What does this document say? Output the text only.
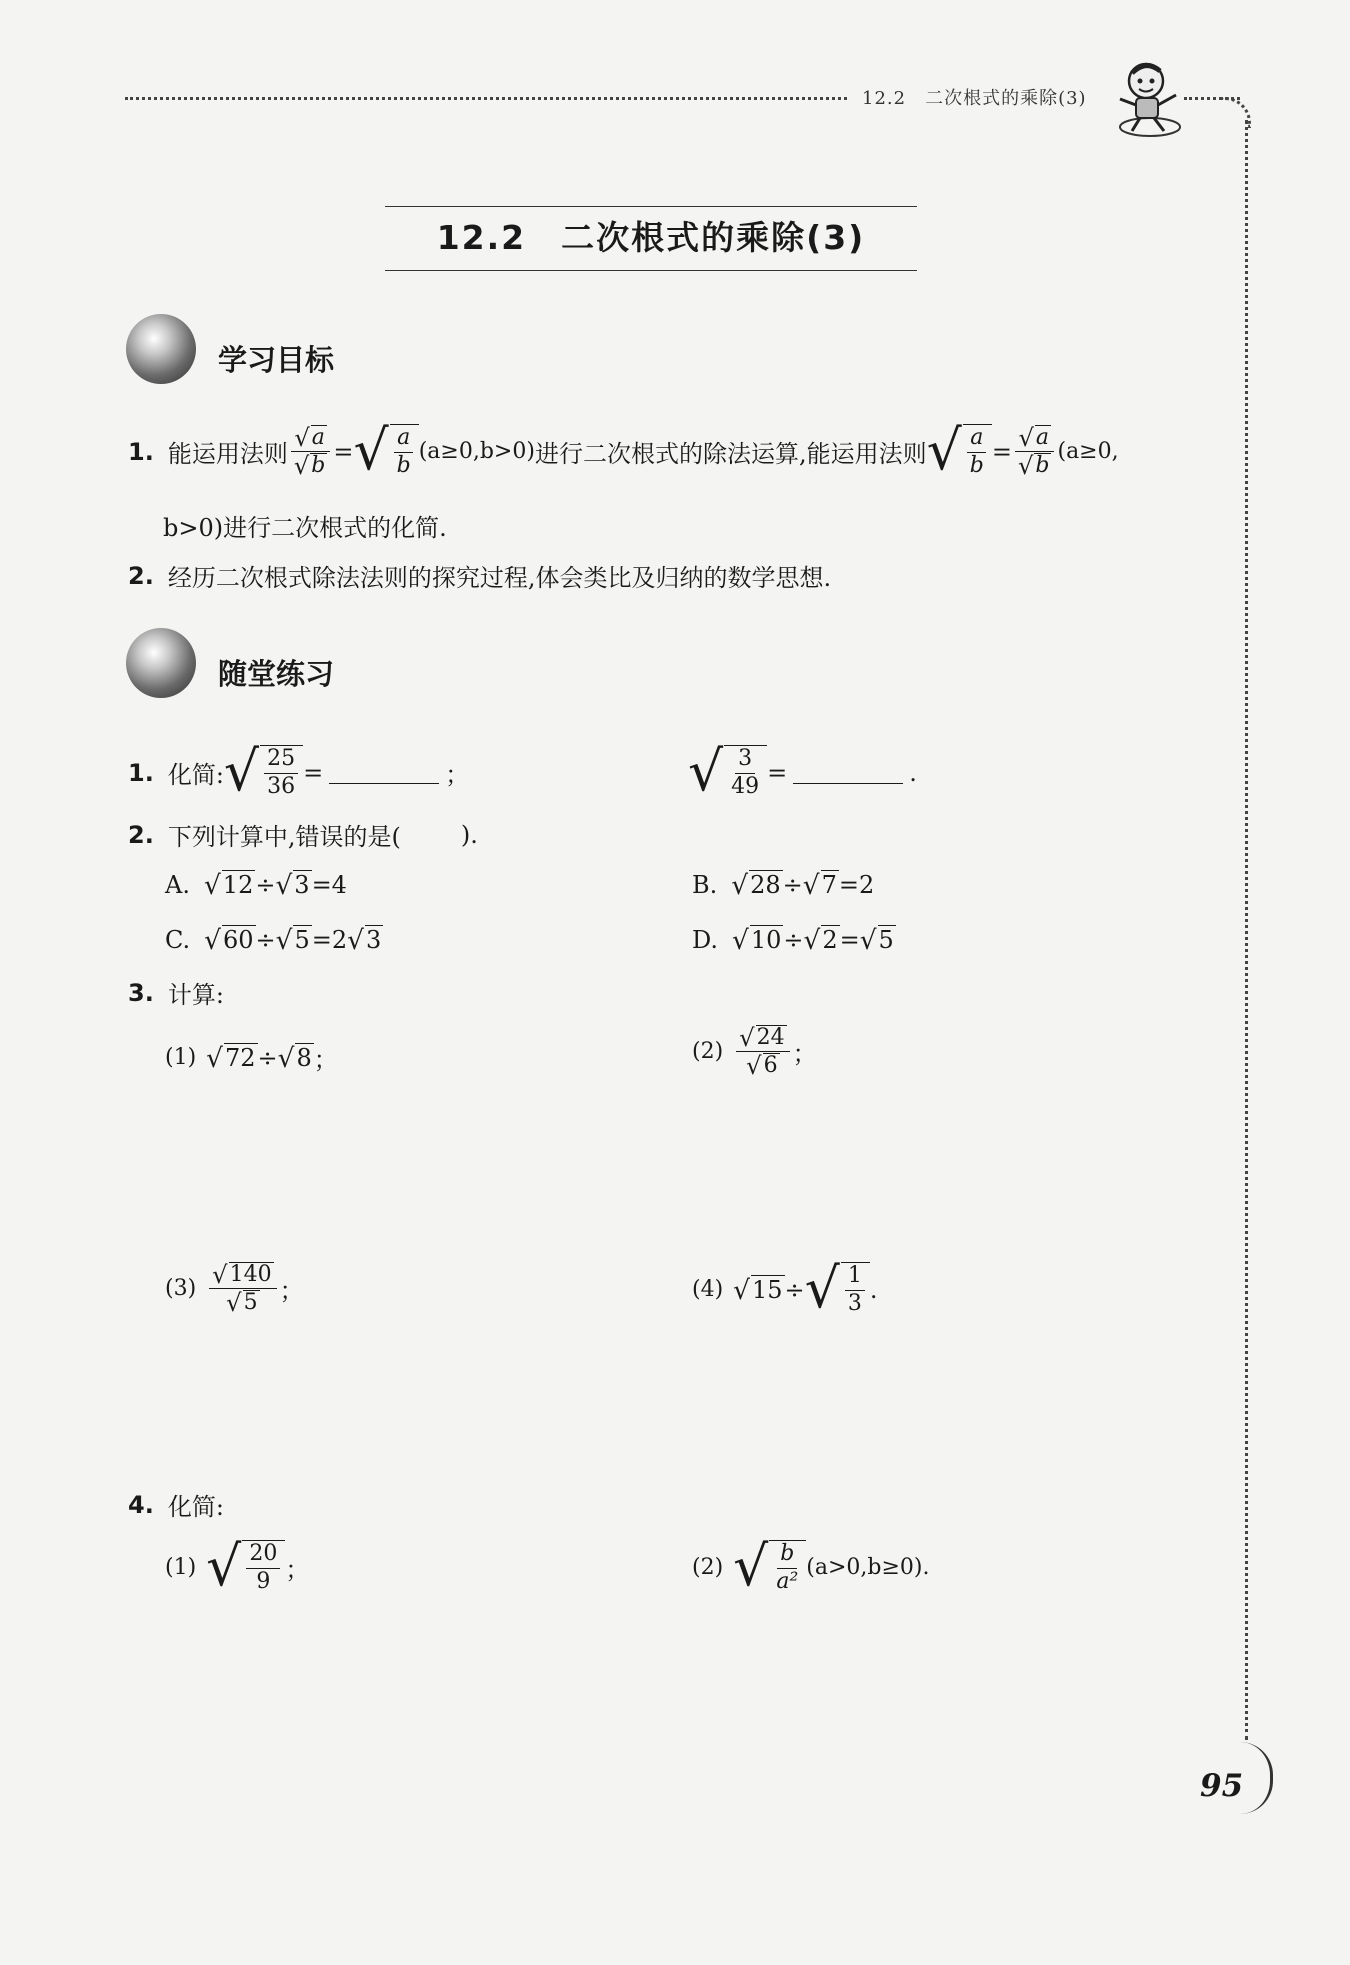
12.2　二次根式的乘除(3)
12.2　二次根式的乘除(3)
学习目标
1. 能运用法则 $\frac{√ a}{√ b}$ = √ $\frac{a}{b} (a\ge 0,b>0)$ 进行二次根式的除法运算,能运用法则 √ $\frac{a}{b} = \frac{√ a}{√ b} (a\ge 0$,
b>0)进行二次根式的化简.
2. 经历二次根式除法法则的探究过程,体会类比及归纳的数学思想.
随堂练习
1. 化简: √ $\frac{25}{36}$ =	；	√ $\frac{3}{49}$ =	.
2. 下列计算中,错误的是(	).
A. √ 12 ÷ √ 3 =4	B. √ 28 ÷ √ 7 =2
C. √ 60 ÷ √ 5 =2 √ 3	D. √ 10 ÷ √ 2 = √ 5
3. 计算:
(1) √ 72 ÷ √ 8 ；	$(2) \frac{√ 24}{√ 6}$ ；
$(3) \frac{√ 140}{√ 5}$ ；	(4) √ 15 ÷ √ $\frac{1}{3}$ .
4. 化简:
(1) √ $\frac{20}{9}$ ；	(2) √ $\frac{b}{\text{a²}} (a>0,b\ge 0)$.
95
